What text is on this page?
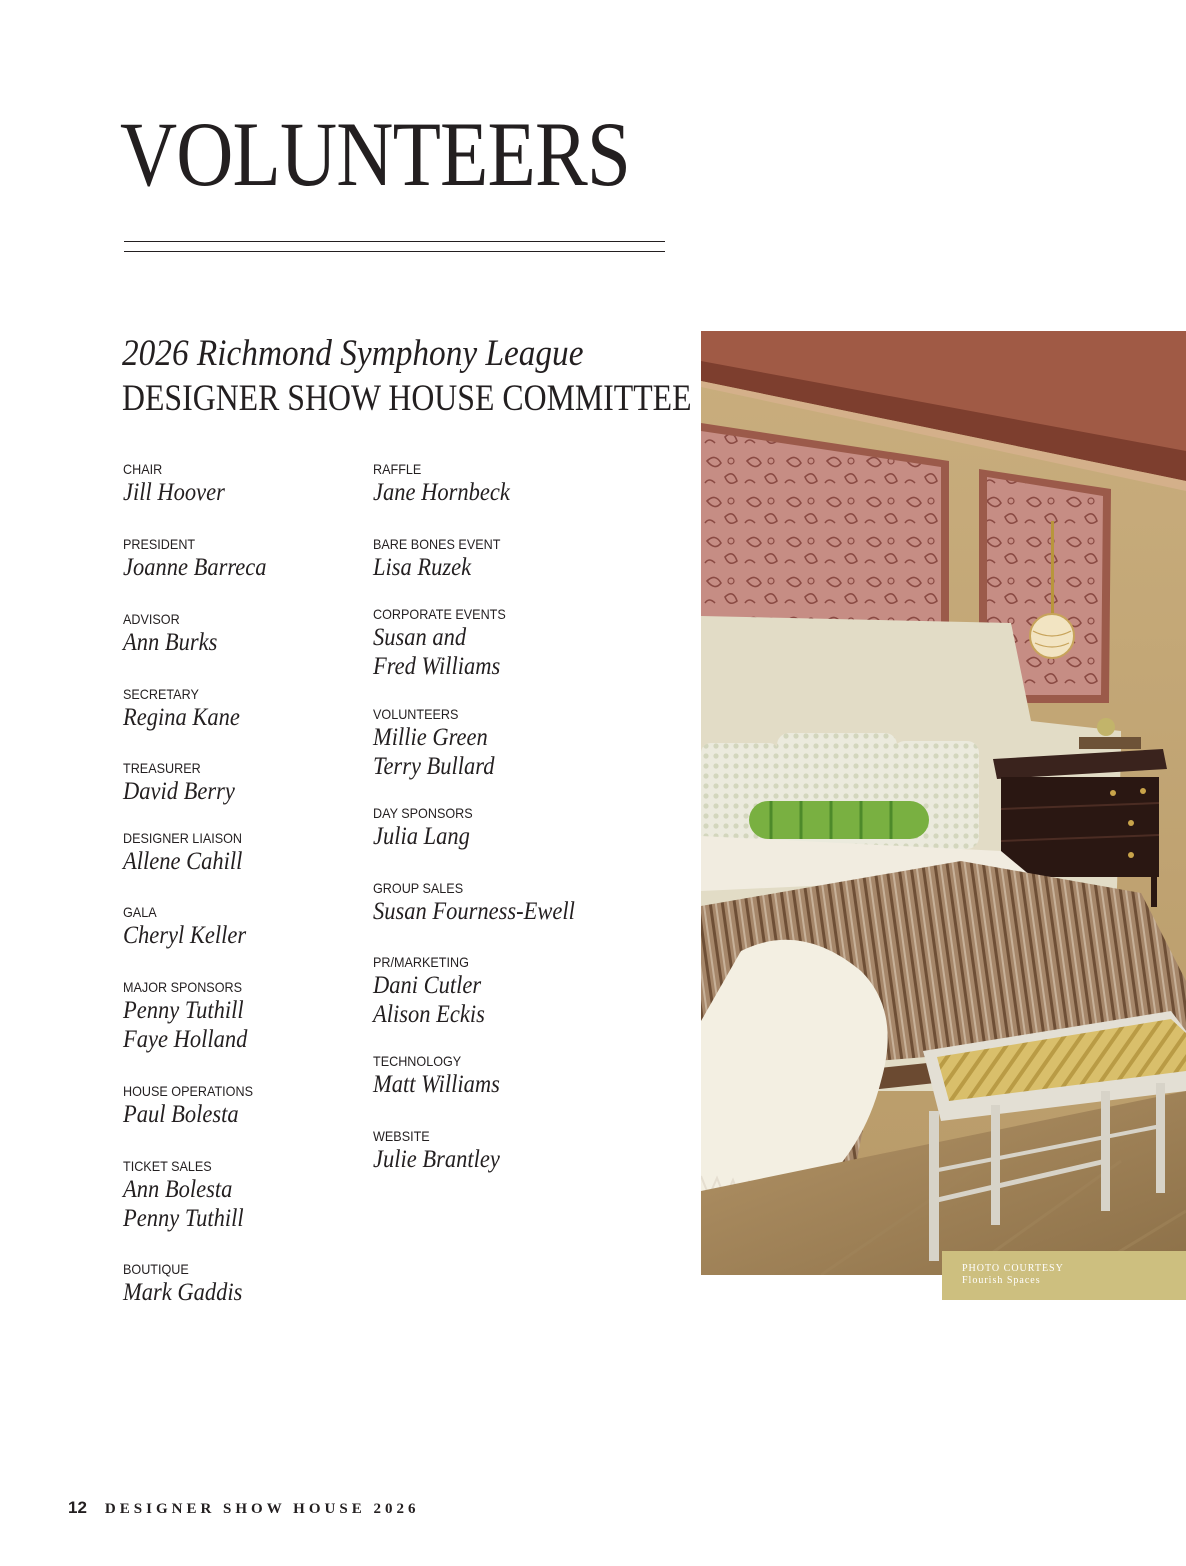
VOLUNTEERS
2026 Richmond Symphony League
DESIGNER SHOW HOUSE COMMITTEE
CHAIR
Jill Hoover
PRESIDENT
Joanne Barreca
ADVISOR
Ann Burks
SECRETARY
Regina Kane
TREASURER
David Berry
DESIGNER LIAISON
Allene Cahill
GALA
Cheryl Keller
MAJOR SPONSORS
Penny Tuthill
Faye Holland
HOUSE OPERATIONS
Paul Bolesta
TICKET SALES
Ann Bolesta
Penny Tuthill
BOUTIQUE
Mark Gaddis
RAFFLE
Jane Hornbeck
BARE BONES EVENT
Lisa Ruzek
CORPORATE EVENTS
Susan and
Fred Williams
VOLUNTEERS
Millie Green
Terry Bullard
DAY SPONSORS
Julia Lang
GROUP SALES
Susan Fourness-Ewell
PR/MARKETING
Dani Cutler
Alison Eckis
TECHNOLOGY
Matt Williams
WEBSITE
Julie Brantley
PHOTO COURTESY
Flourish Spaces
12 DESIGNER SHOW HOUSE 2026
